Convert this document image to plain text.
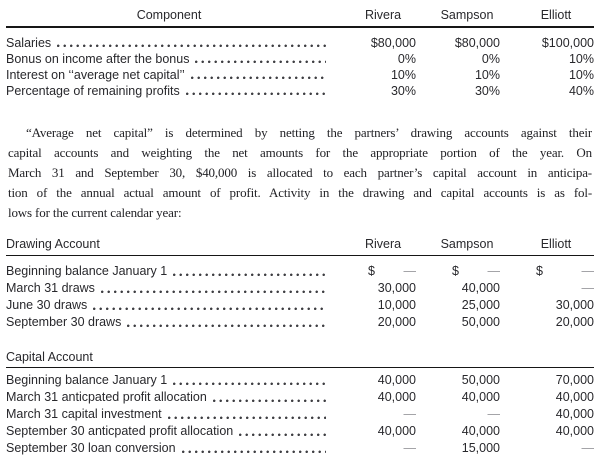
Component	Rivera	Sampson	Elliott
Salaries	$80,000	$80,000	$100,000
Bonus on income after the bonus	0%	0%	10%
Interest on ‘‘average net capital’’	10%	10%	10%
Percentage of remaining profits	30%	30%	40%
“Average net capital” is determined by netting the partners’ drawing accounts against their
capital accounts and weighting the net amounts for the appropriate portion of the year. On
March 31 and September 30, $40,000 is allocated to each partner’s capital account in anticipa-
tion of the annual actual amount of profit. Activity in the drawing and capital accounts is as fol-
lows for the current calendar year:
Drawing Account	Rivera	Sampson	Elliott
Beginning balance January 1	$ —	$ —	$	—
March 31 draws	30,000	40,000	—
June 30 draws	10,000	25,000	30,000
September 30 draws	20,000	50,000	20,000
Capital Account
Beginning balance January 1	40,000	50,000	70,000
March 31 anticpated profit allocation	40,000	40,000	40,000
March 31 capital investment	—	—	40,000
September 30 anticpated profit allocation	40,000	40,000	40,000
September 30 loan conversion	—	15,000	—
